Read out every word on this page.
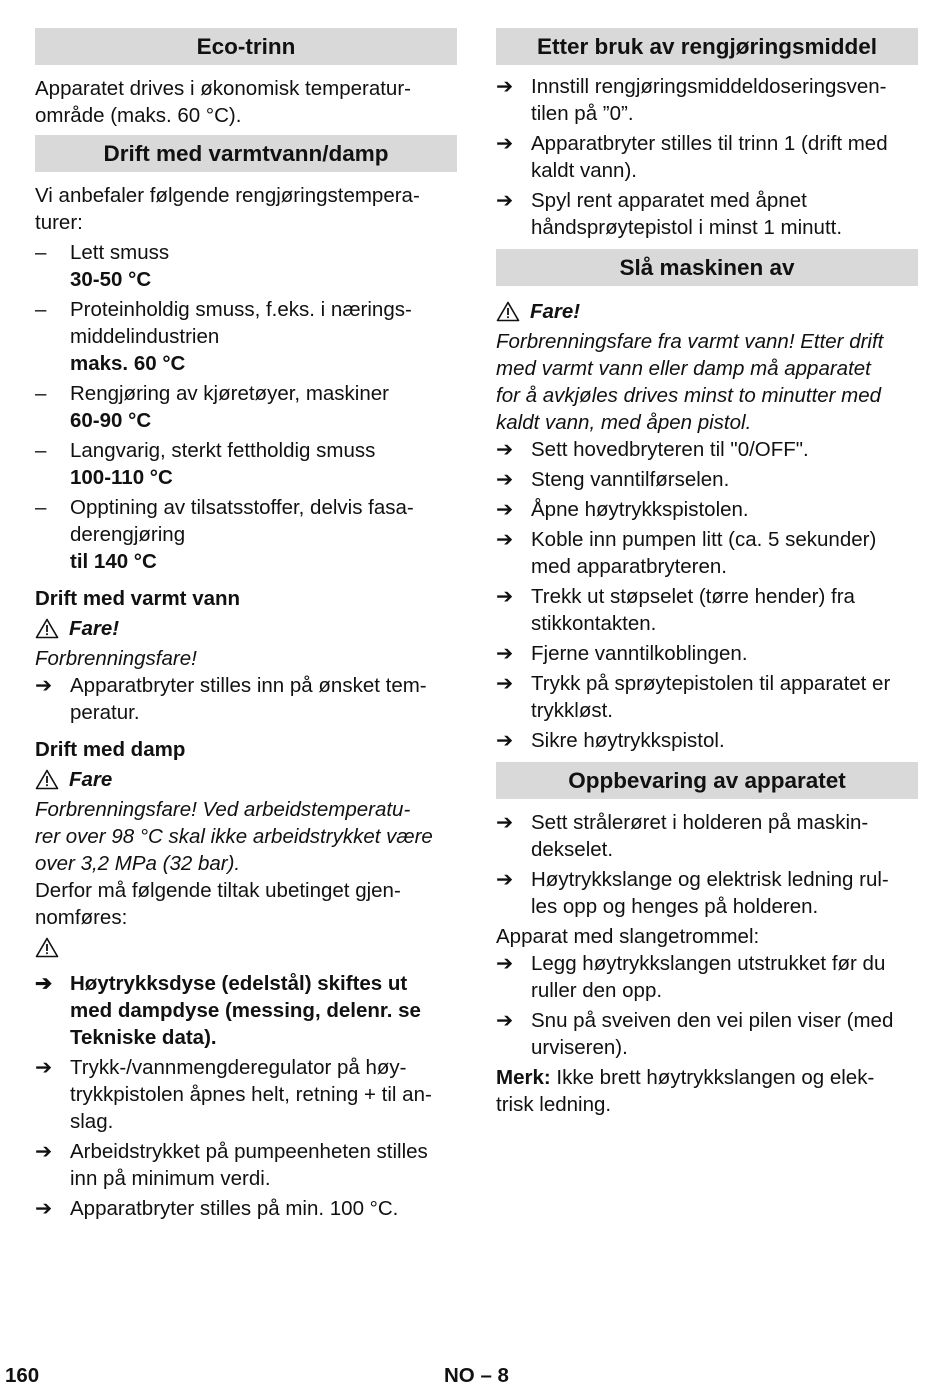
Eco-trinn
Apparatet drives i økonomisk temperatur-
område (maks. 60 °C).
Drift med varmtvann/damp
Vi anbefaler følgende rengjøringstempera-
turer:
–	Lett smuss
30-50 °C
–	Proteinholdig smuss, f.eks. i nærings-
middelindustrien
maks. 60 °C
–	Rengjøring av kjøretøyer, maskiner
60-90 °C
–	Langvarig, sterkt fettholdig smuss
100-110 °C
–	Opptining av tilsatsstoffer, delvis fasa-
derengjøring
til 140 °C
Drift med varmt vann
Fare!
Forbrenningsfare!
➔ Apparatbryter stilles inn på ønsket tem-
peratur.
Drift med damp
Fare
Forbrenningsfare! Ved arbeidstemperatu-
rer over 98 °C skal ikke arbeidstrykket være
over 3,2 MPa (32 bar).
Derfor må følgende tiltak ubetinget gjen-
nomføres:
➔ Høytrykksdyse (edelstål) skiftes ut
med dampdyse (messing, delenr. se
Tekniske data).
➔ Trykk-/vannmengderegulator på høy-
trykkpistolen åpnes helt, retning + til an-
slag.
➔ Arbeidstrykket på pumpeenheten stilles
inn på minimum verdi.
➔ Apparatbryter stilles på min. 100 °C.
Etter bruk av rengjøringsmiddel
➔ Innstill rengjøringsmiddeldoseringsven-
tilen på ”0”.
➔ Apparatbryter stilles til trinn 1 (drift med
kaldt vann).
➔ Spyl rent apparatet med åpnet
håndsprøytepistol i minst 1 minutt.
Slå maskinen av
Fare!
Forbrenningsfare fra varmt vann! Etter drift
med varmt vann eller damp må apparatet
for å avkjøles drives minst to minutter med
kaldt vann, med åpen pistol.
➔ Sett hovedbryteren til "0/OFF".
➔ Steng vanntilførselen.
➔ Åpne høytrykkspistolen.
➔ Koble inn pumpen litt (ca. 5 sekunder)
med apparatbryteren.
➔ Trekk ut støpselet (tørre hender) fra
stikkontakten.
➔ Fjerne vanntilkoblingen.
➔ Trykk på sprøytepistolen til apparatet er
trykkløst.
➔ Sikre høytrykkspistol.
Oppbevaring av apparatet
➔ Sett strålerøret i holderen på maskin-
dekselet.
➔ Høytrykkslange og elektrisk ledning rul-
les opp og henges på holderen.
Apparat med slangetrommel:
➔ Legg høytrykkslangen utstrukket før du
ruller den opp.
➔ Snu på sveiven den vei pilen viser (med
urviseren).
Merk: Ikke brett høytrykkslangen og elek-
trisk ledning.
160	NO – 8
